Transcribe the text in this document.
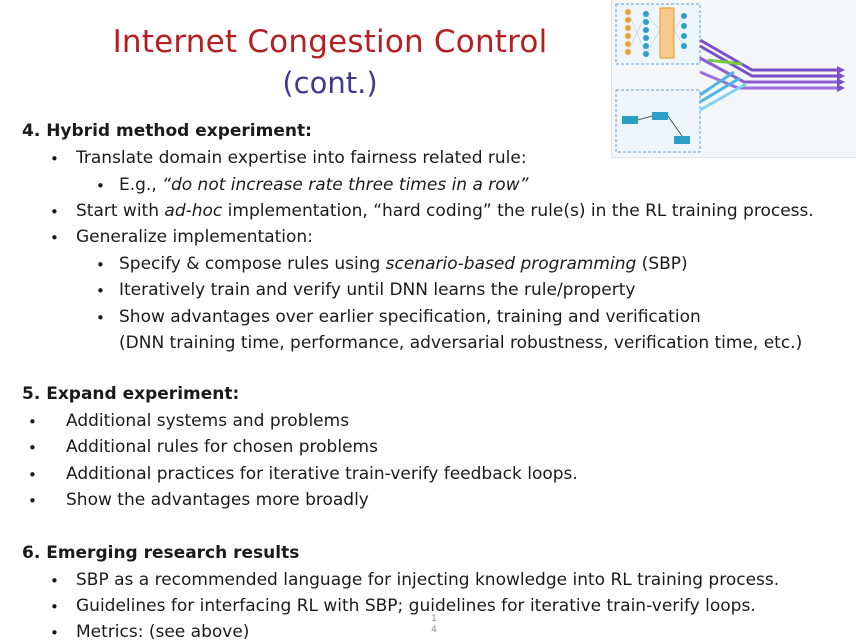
Internet Congestion Control
(cont.)
4. Hybrid method experiment:
• Translate domain expertise into fairness related rule:
• E.g., “do not increase rate three times in a row”
• Start with ad-hoc implementation, “hard coding” the rule(s) in the RL training process.
• Generalize implementation:
• Specify & compose rules using scenario-based programming (SBP)
• Iteratively train and verify until DNN learns the rule/property
• Show advantages over earlier specification, training and verification
(DNN training time, performance, adversarial robustness, verification time, etc.)
5. Expand experiment:
• Additional systems and problems
• Additional rules for chosen problems
• Additional practices for iterative train-verify feedback loops.
• Show the advantages more broadly
6. Emerging research results
• SBP as a recommended language for injecting knowledge into RL training process.
• Guidelines for interfacing RL with SBP; guidelines for iterative train-verify loops.
• Metrics: (see above)
1
4
